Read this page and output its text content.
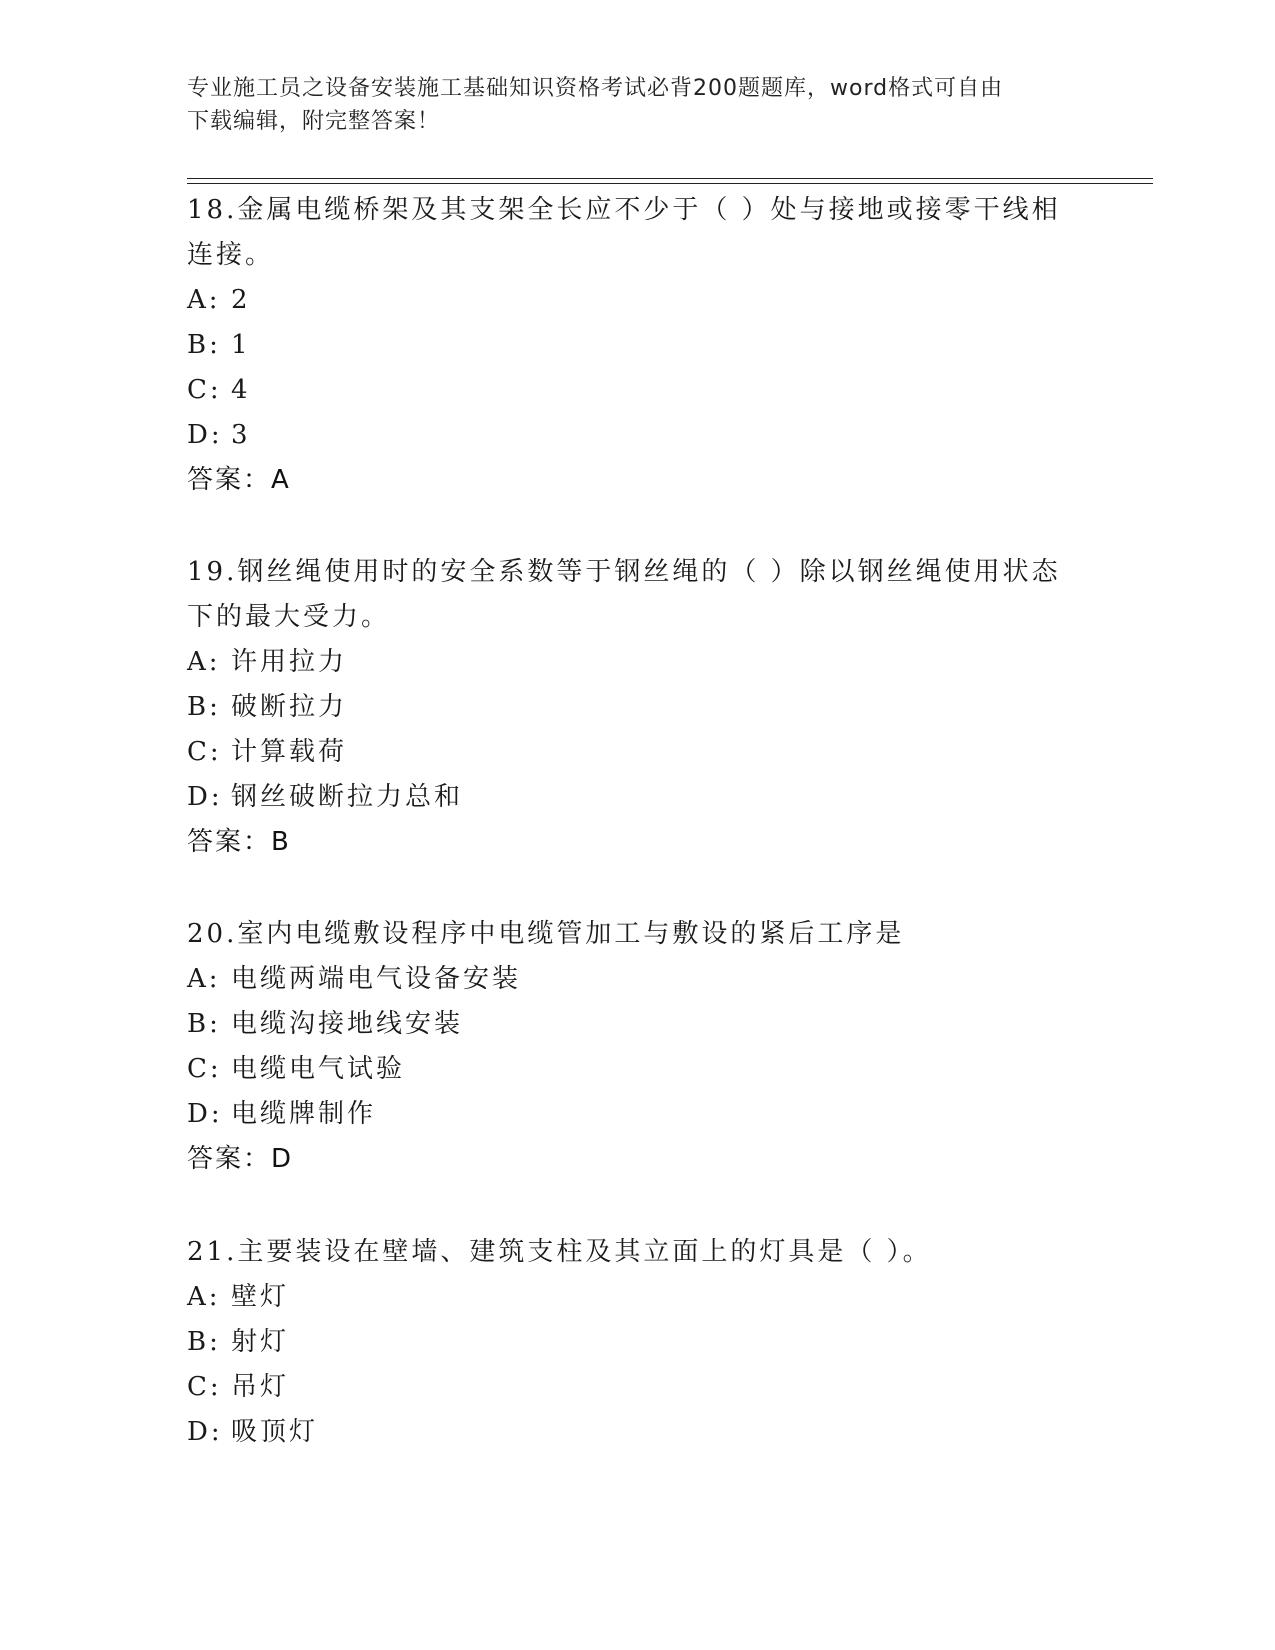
专业施工员之设备安装施工基础知识资格考试必背200题题库，word格式可自由
下载编辑，附完整答案！
18.金属电缆桥架及其支架全长应不少于（ ）处与接地或接零干线相
连接。
A: 2
B: 1
C: 4
D: 3
答案：A
19.钢丝绳使用时的安全系数等于钢丝绳的（ ）除以钢丝绳使用状态
下的最大受力。
A: 许用拉力
B: 破断拉力
C: 计算载荷
D: 钢丝破断拉力总和
答案：B
20.室内电缆敷设程序中电缆管加工与敷设的紧后工序是
A: 电缆两端电气设备安装
B: 电缆沟接地线安装
C: 电缆电气试验
D: 电缆牌制作
答案：D
21.主要装设在壁墙、建筑支柱及其立面上的灯具是（ ）。
A: 壁灯
B: 射灯
C: 吊灯
D: 吸顶灯
